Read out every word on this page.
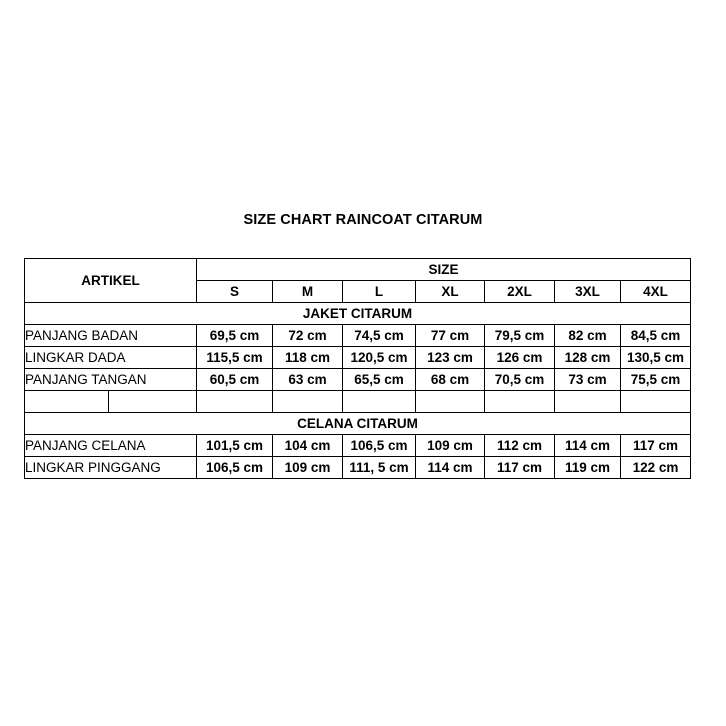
SIZE CHART RAINCOAT CITARUM
ARTIKEL		SIZE						
		S	M	L	XL	2XL	3XL	4XL
JAKET CITARUM								
PANJANG BADAN		69,5 cm	72 cm	74,5 cm	77 cm	79,5 cm	82 cm	84,5 cm
LINGKAR DADA		115,5 cm	118 cm	120,5 cm	123 cm	126 cm	128 cm	130,5 cm
PANJANG TANGAN		60,5 cm	63 cm	65,5 cm	68 cm	70,5 cm	73 cm	75,5 cm

CELANA CITARUM								
PANJANG CELANA		101,5 cm	104 cm	106,5 cm	109 cm	112 cm	114 cm	117 cm
LINGKAR PINGGANG		106,5 cm	109 cm	111, 5 cm	114 cm	117 cm	119 cm	122 cm
